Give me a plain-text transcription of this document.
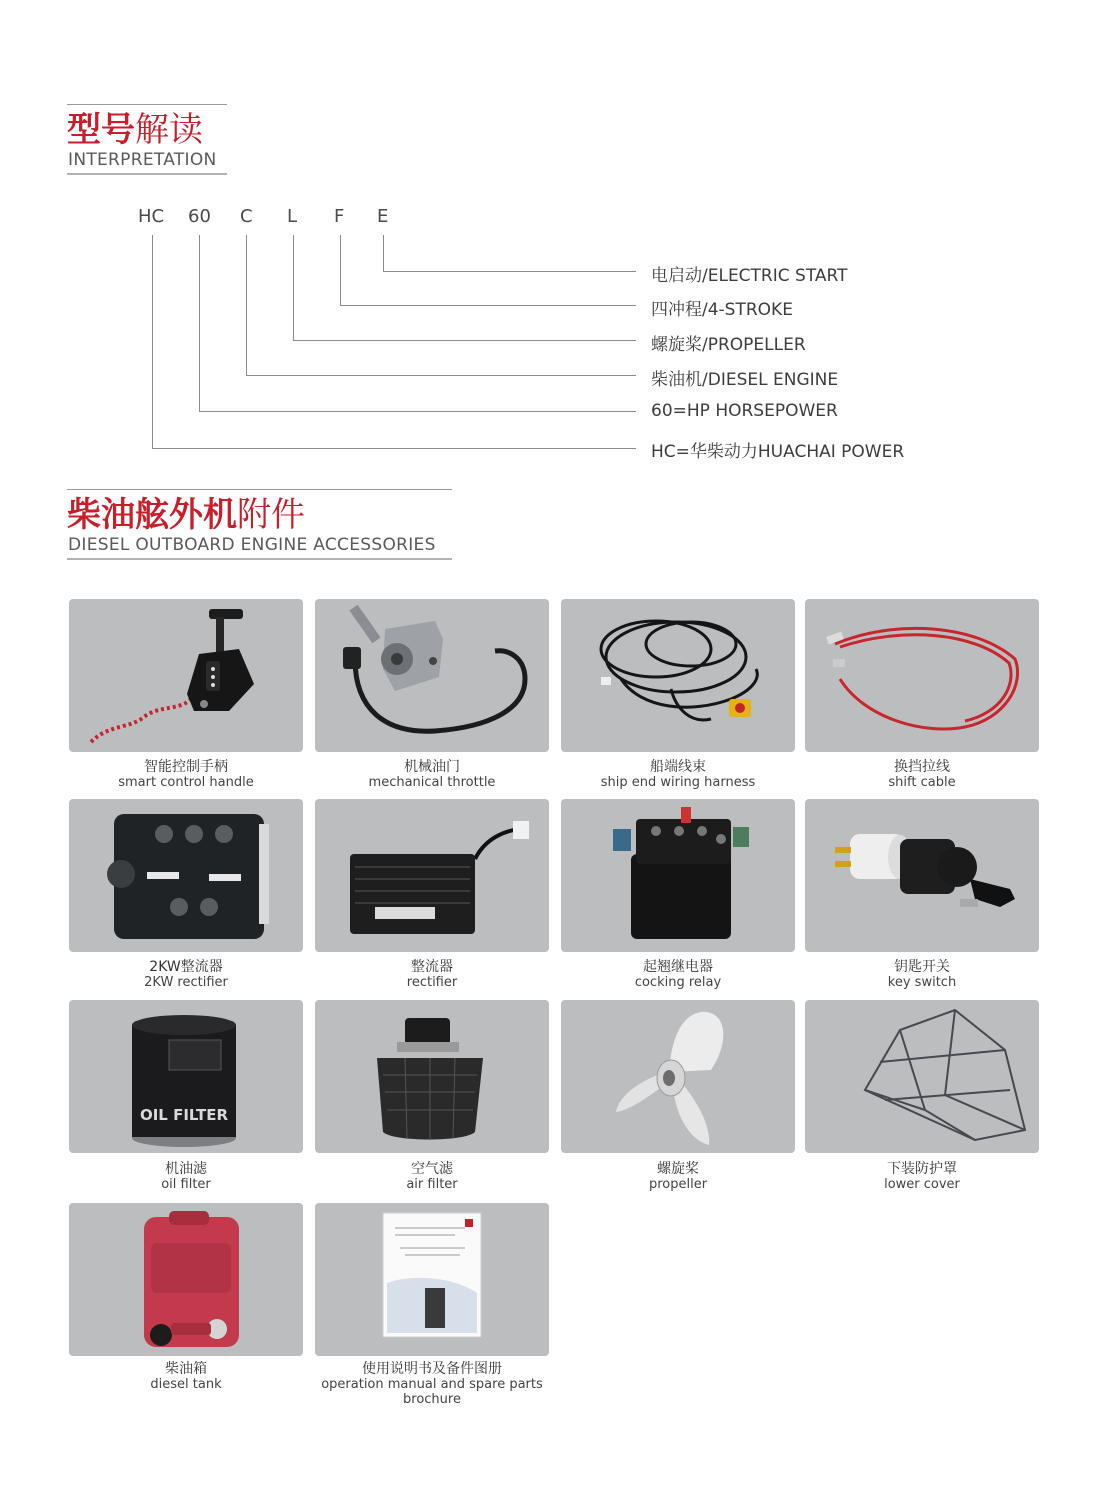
型号解读
INTERPRETATION
HC 60 C L F E
电启动/ELECTRIC START
四冲程/4-STROKE
螺旋桨/PROPELLER
柴油机/DIESEL ENGINE
60=HP HORSEPOWER
HC=华柴动力HUACHAI POWER
柴油舷外机附件
DIESEL OUTBOARD ENGINE ACCESSORIES
智能控制手柄
smart control handle
机械油门
mechanical throttle
船端线束
ship end wiring harness
换挡拉线
shift cable
2KW整流器
2KW rectifier
整流器
rectifier
起翘继电器
cocking relay
钥匙开关
key switch
OIL FILTER
机油滤
oil filter
空气滤
air filter
螺旋桨
propeller
下装防护罩
lower cover
柴油箱
diesel tank
使用说明书及备件图册
operation manual and spare parts brochure
